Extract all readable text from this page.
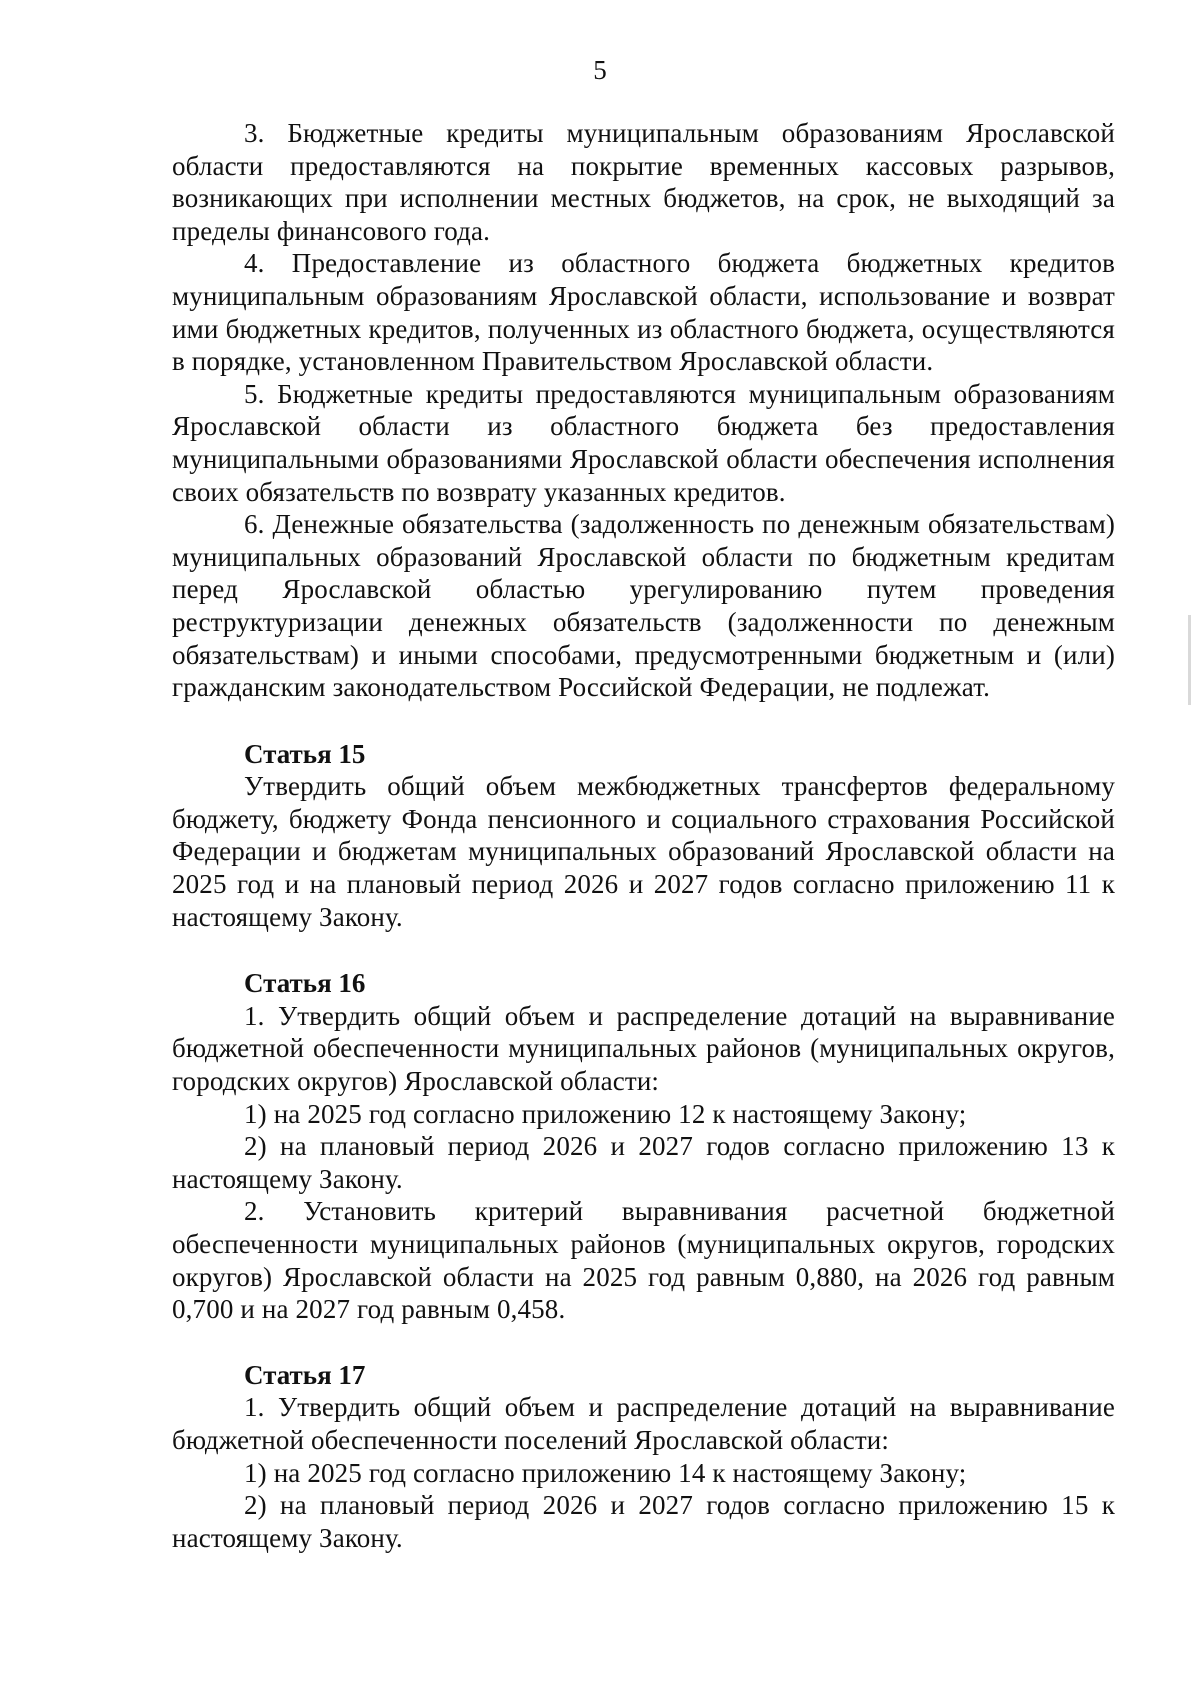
5

3. Бюджетные кредиты муниципальным образованиям Ярославской области предоставляются на покрытие временных кассовых разрывов, возникающих при исполнении местных бюджетов, на срок, не выходящий за пределы финансового года.

4. Предоставление из областного бюджета бюджетных кредитов муниципальным образованиям Ярославской области, использование и возврат ими бюджетных кредитов, полученных из областного бюджета, осуществляются в порядке, установленном Правительством Ярославской области.

5. Бюджетные кредиты предоставляются муниципальным образованиям Ярославской области из областного бюджета без предоставления муниципальными образованиями Ярославской области обеспечения исполнения своих обязательств по возврату указанных кредитов.

6. Денежные обязательства (задолженность по денежным обязательствам) муниципальных образований Ярославской области по бюджетным кредитам перед Ярославской областью урегулированию путем проведения реструктуризации денежных обязательств (задолженности по денежным обязательствам) и иными способами, предусмотренными бюджетным и (или) гражданским законодательством Российской Федерации, не подлежат.

Статья 15

Утвердить общий объем межбюджетных трансфертов федеральному бюджету, бюджету Фонда пенсионного и социального страхования Российской Федерации и бюджетам муниципальных образований Ярославской области на 2025 год и на плановый период 2026 и 2027 годов согласно приложению 11 к настоящему Закону.

Статья 16

1. Утвердить общий объем и распределение дотаций на выравнивание бюджетной обеспеченности муниципальных районов (муниципальных округов, городских округов) Ярославской области:

1) на 2025 год согласно приложению 12 к настоящему Закону;

2) на плановый период 2026 и 2027 годов согласно приложению 13 к настоящему Закону.

2. Установить критерий выравнивания расчетной бюджетной обеспеченности муниципальных районов (муниципальных округов, городских округов) Ярославской области на 2025 год равным 0,880, на 2026 год равным 0,700 и на 2027 год равным 0,458.

Статья 17

1. Утвердить общий объем и распределение дотаций на выравнивание бюджетной обеспеченности поселений Ярославской области:

1) на 2025 год согласно приложению 14 к настоящему Закону;

2) на плановый период 2026 и 2027 годов согласно приложению 15 к настоящему Закону.
